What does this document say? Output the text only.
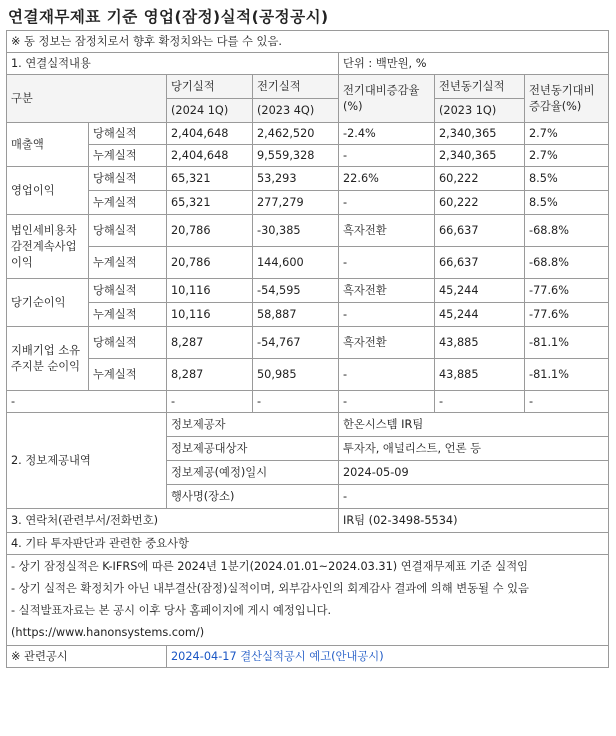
연결재무제표 기준 영업(잠정)실적(공정공시)
※ 동 정보는 잠정치로서 향후 확정치와는 다를 수 있음.						
1. 연결실적내용				단위 : 백만원, %		
구분		당기실적	전기실적	전기대비증감율(%)	전년동기실적	전년동기대비증감율(%)
		(2024 1Q)	(2023 4Q)		(2023 1Q)	
매출액	당해실적	2,404,648	2,462,520	-2.4%	2,340,365	2.7%
	누계실적	2,404,648	9,559,328	-	2,340,365	2.7%
영업이익	당해실적	65,321	53,293	22.6%	60,222	8.5%
	누계실적	65,321	277,279	-	60,222	8.5%
법인세비용차감전계속사업이익	당해실적	20,786	-30,385	흑자전환	66,637	-68.8%
	누계실적	20,786	144,600	-	66,637	-68.8%
당기순이익	당해실적	10,116	-54,595	흑자전환	45,244	-77.6%
	누계실적	10,116	58,887	-	45,244	-77.6%
지배기업 소유주지분 순이익	당해실적	8,287	-54,767	흑자전환	43,885	-81.1%
	누계실적	8,287	50,985	-	43,885	-81.1%
-		-	-	-	-	-
2. 정보제공내역		정보제공자		한온시스템 IR팀		
		정보제공대상자		투자자, 애널리스트, 언론 등		
		정보제공(예정)일시		2024-05-09		
		행사명(장소)		-		
3. 연락처(관련부서/전화번호)				IR팀 (02-3498-5534)		
4. 기타 투자판단과 관련한 중요사항						

- 상기 잠정실적은 K-IFRS에 따른 2024년 1분기(2024.01.01~2024.03.31) 연결재무제표 기준 실적임
- 상기 실적은 확정치가 아닌 내부결산(잠정)실적이며, 외부감사인의 회계감사 결과에 의해 변동될 수 있음
- 실적발표자료는 본 공시 이후 당사 홈페이지에 게시 예정입니다.
(https://www.hanonsystems.com/)						

※ 관련공시		2024-04-17 결산실적공시 예고(안내공시)				
